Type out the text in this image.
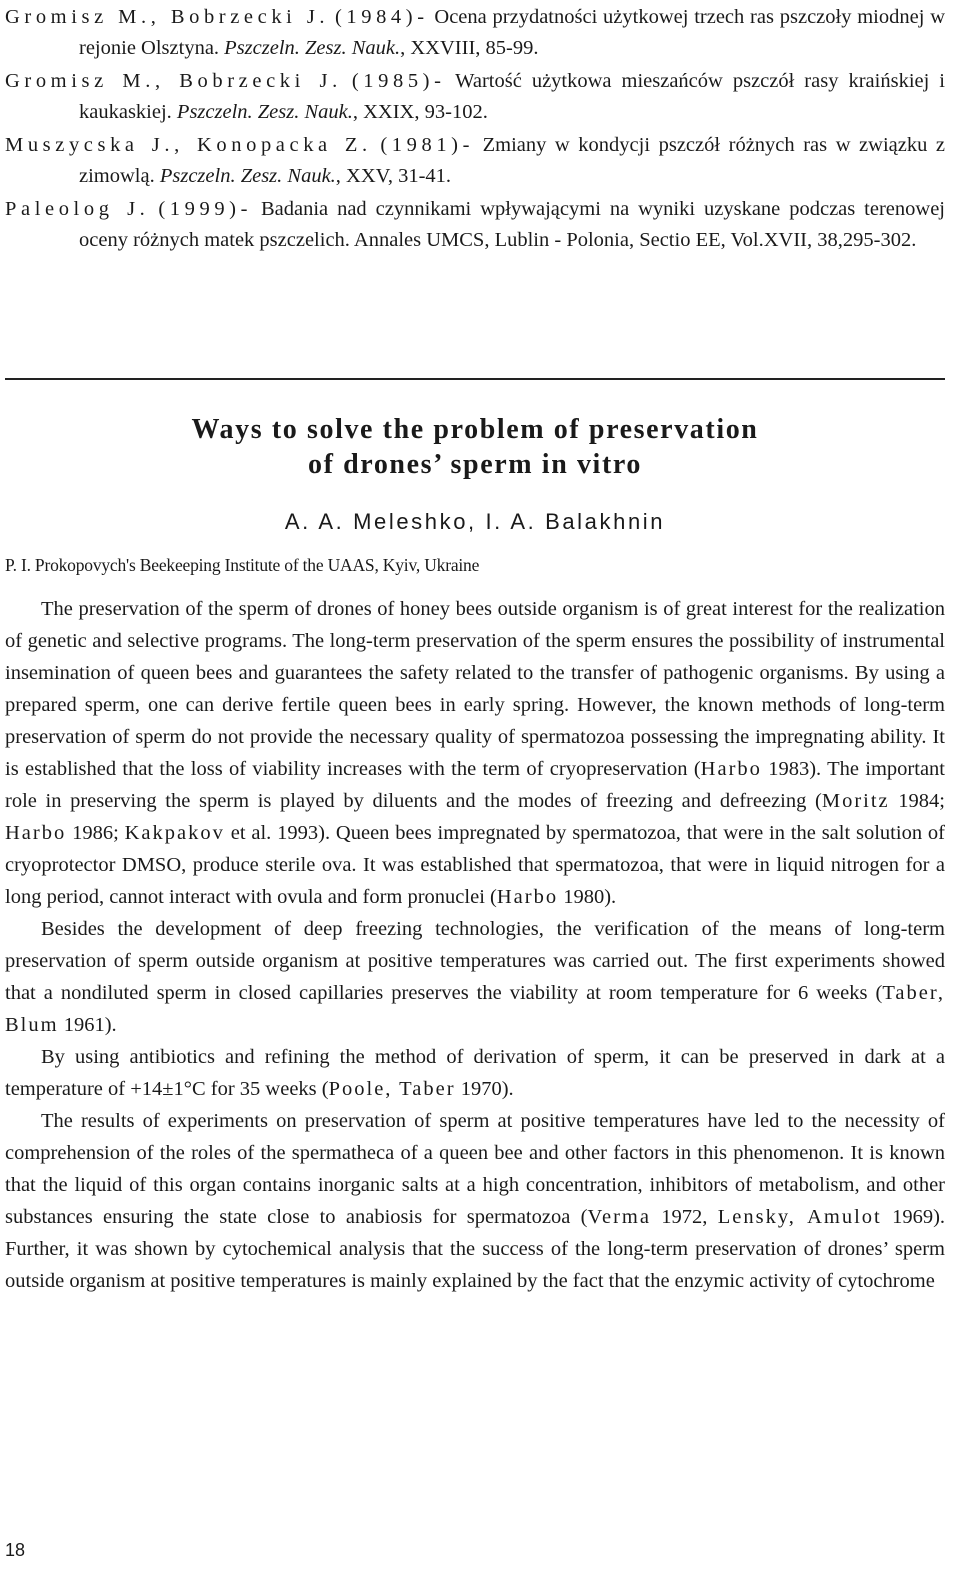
Gromisz M., Bobrzecki J. (1984)- Ocena przydatności użytkowej trzech ras pszczoły miodnej w rejonie Olsztyna. Pszczeln. Zesz. Nauk., XXVIII, 85-99.

Gromisz M., Bobrzecki J. (1985)- Wartość użytkowa mieszańców pszczół rasy kraińskiej i kaukaskiej. Pszczeln. Zesz. Nauk., XXIX, 93-102.

Muszycska J., Konopacka Z. (1981)- Zmiany w kondycji pszczół różnych ras w związku z zimowlą. Pszczeln. Zesz. Nauk., XXV, 31-41.

Paleolog J. (1999)- Badania nad czynnikami wpływającymi na wyniki uzyskane podczas terenowej oceny różnych matek pszczelich. Annales UMCS, Lublin - Polonia, Sectio EE, Vol.XVII, 38,295-302.

Ways to solve the problem of preservation
of drones’ sperm in vitro

A. A. Meleshko, I. A. Balakhnin

P. I. Prokopovych's Beekeeping Institute of the UAAS, Kyiv, Ukraine

The preservation of the sperm of drones of honey bees outside organism is of great interest for the realization of genetic and selective programs. The long-term preservation of the sperm ensures the possibility of instrumental insemination of queen bees and guarantees the safety related to the transfer of pathogenic organisms. By using a prepared sperm, one can derive fertile queen bees in early spring. However, the known methods of long-term preservation of sperm do not provide the necessary quality of spermatozoa possessing the impregnating ability. It is established that the loss of viability increases with the term of cryopreservation (Harbo 1983). The important role in preserving the sperm is played by diluents and the modes of freezing and defreezing (Moritz 1984; Harbo 1986; Kakpakov et al. 1993). Queen bees impregnated by spermatozoa, that were in the salt solution of cryoprotector DMSO, produce sterile ova. It was established that spermatozoa, that were in liquid nitrogen for a long period, cannot interact with ovula and form pronuclei (Harbo 1980).

Besides the development of deep freezing technologies, the verification of the means of long-term preservation of sperm outside organism at positive temperatures was carried out. The first experiments showed that a nondiluted sperm in closed capillaries preserves the viability at room temperature for 6 weeks (Taber, Blum 1961).

By using antibiotics and refining the method of derivation of sperm, it can be preserved in dark at a temperature of +14±1°C for 35 weeks (Poole, Taber 1970).

The results of experiments on preservation of sperm at positive temperatures have led to the necessity of comprehension of the roles of the spermatheca of a queen bee and other factors in this phenomenon. It is known that the liquid of this organ contains inorganic salts at a high concentration, inhibitors of metabolism, and other substances ensuring the state close to anabiosis for spermatozoa (Verma 1972, Lensky, Amulot 1969). Further, it was shown by cytochemical analysis that the success of the long-term preservation of drones’ sperm outside organism at positive temperatures is mainly explained by the fact that the enzymic activity of cytochrome

18
